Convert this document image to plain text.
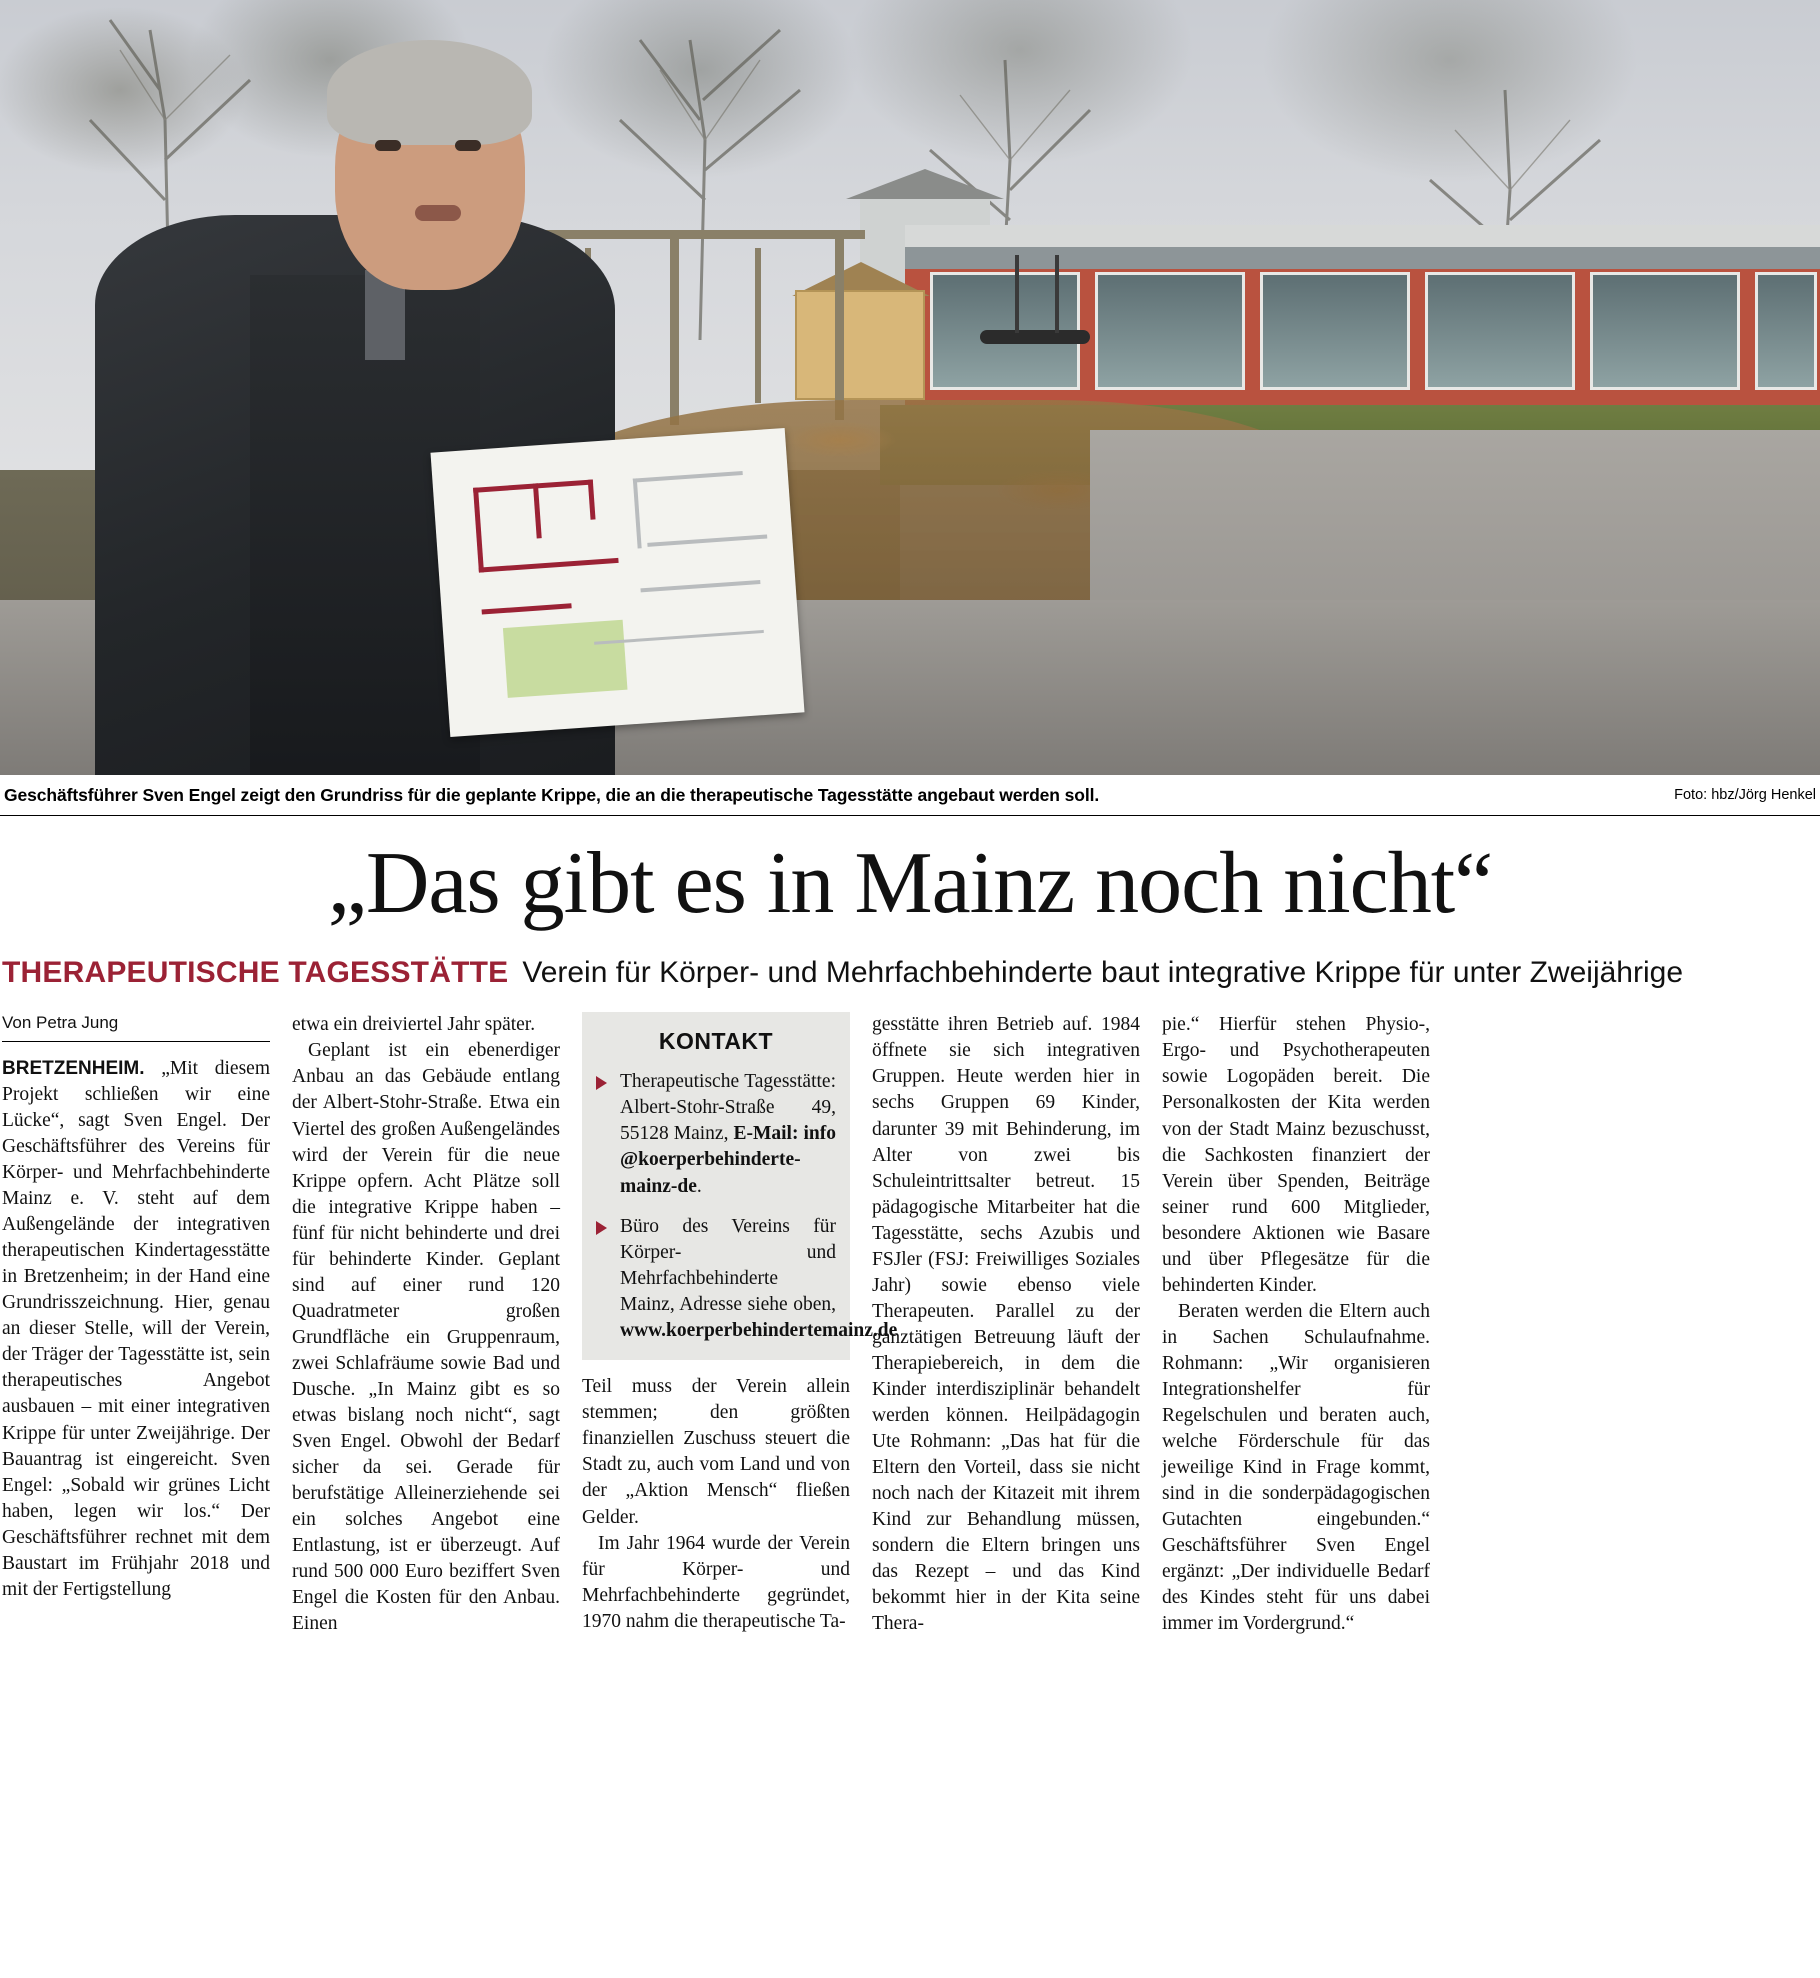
Geschäftsführer Sven Engel zeigt den Grundriss für die geplante Krippe, die an die therapeutische Tagesstätte angebaut werden soll.	Foto: hbz/Jörg Henkel
„Das gibt es in Mainz noch nicht“
THERAPEUTISCHE TAGESSTÄTTE Verein für Körper- und Mehrfachbehinderte baut integrative Krippe für unter Zweijährige
Von Petra Jung

BRETZENHEIM. „Mit diesem Projekt schließen wir eine Lücke“, sagt Sven Engel. Der Geschäftsführer des Vereins für Körper- und Mehrfachbehinderte Mainz e. V. steht auf dem Außengelände der integrativen therapeutischen Kindertagesstätte in Bretzenheim; in der Hand eine Grundrisszeichnung. Hier, genau an dieser Stelle, will der Verein, der Träger der Tagesstätte ist, sein therapeutisches Angebot ausbauen – mit einer integrativen Krippe für unter Zweijährige. Der Bauantrag ist eingereicht. Sven Engel: „Sobald wir grünes Licht haben, legen wir los.“ Der Geschäftsführer rechnet mit dem Baustart im Frühjahr 2018 und mit der Fertigstellung

etwa ein dreiviertel Jahr später.

Geplant ist ein ebenerdiger Anbau an das Gebäude entlang der Albert-Stohr-Straße. Etwa ein Viertel des großen Außengeländes wird der Verein für die neue Krippe opfern. Acht Plätze soll die integrative Krippe haben – fünf für nicht behinderte und drei für behinderte Kinder. Geplant sind auf einer rund 120 Quadratmeter großen Grundfläche ein Gruppenraum, zwei Schlafräume sowie Bad und Dusche. „In Mainz gibt es so etwas bislang noch nicht“, sagt Sven Engel. Obwohl der Bedarf sicher da sei. Gerade für berufstätige Alleinerziehende sei ein solches Angebot eine Entlastung, ist er überzeugt. Auf rund 500 000 Euro beziffert Sven Engel die Kosten für den Anbau. Einen

KONTAKT
Therapeutische Tagesstätte: Albert-Stohr-Straße 49, 55128 Mainz, E-Mail: info @koerperbehinderte-mainz-de.
Büro des Vereins für Körper- und Mehrfachbehinderte Mainz, Adresse siehe oben, www.koerperbehindertemainz.de

Teil muss der Verein allein stemmen; den größten finanziellen Zuschuss steuert die Stadt zu, auch vom Land und von der „Aktion Mensch“ fließen Gelder.

Im Jahr 1964 wurde der Verein für Körper- und Mehrfachbehinderte gegründet, 1970 nahm die therapeutische Ta-

gesstätte ihren Betrieb auf. 1984 öffnete sie sich integrativen Gruppen. Heute werden hier in sechs Gruppen 69 Kinder, darunter 39 mit Behinderung, im Alter von zwei bis Schuleintrittsalter betreut. 15 pädagogische Mitarbeiter hat die Tagesstätte, sechs Azubis und FSJler (FSJ: Freiwilliges Soziales Jahr) sowie ebenso viele Therapeuten. Parallel zu der ganztätigen Betreuung läuft der Therapiebereich, in dem die Kinder interdisziplinär behandelt werden können. Heilpädagogin Ute Rohmann: „Das hat für die Eltern den Vorteil, dass sie nicht noch nach der Kitazeit mit ihrem Kind zur Behandlung müssen, sondern die Eltern bringen uns das Rezept – und das Kind bekommt hier in der Kita seine Thera-

pie.“ Hierfür stehen Physio-, Ergo- und Psychotherapeuten sowie Logopäden bereit. Die Personalkosten der Kita werden von der Stadt Mainz bezuschusst, die Sachkosten finanziert der Verein über Spenden, Beiträge seiner rund 600 Mitglieder, besondere Aktionen wie Basare und über Pflegesätze für die behinderten Kinder.

Beraten werden die Eltern auch in Sachen Schulaufnahme. Rohmann: „Wir organisieren Integrationshelfer für Regelschulen und beraten auch, welche Förderschule für das jeweilige Kind in Frage kommt, sind in die sonderpädagogischen Gutachten eingebunden.“ Geschäftsführer Sven Engel ergänzt: „Der individuelle Bedarf des Kindes steht für uns dabei immer im Vordergrund.“
